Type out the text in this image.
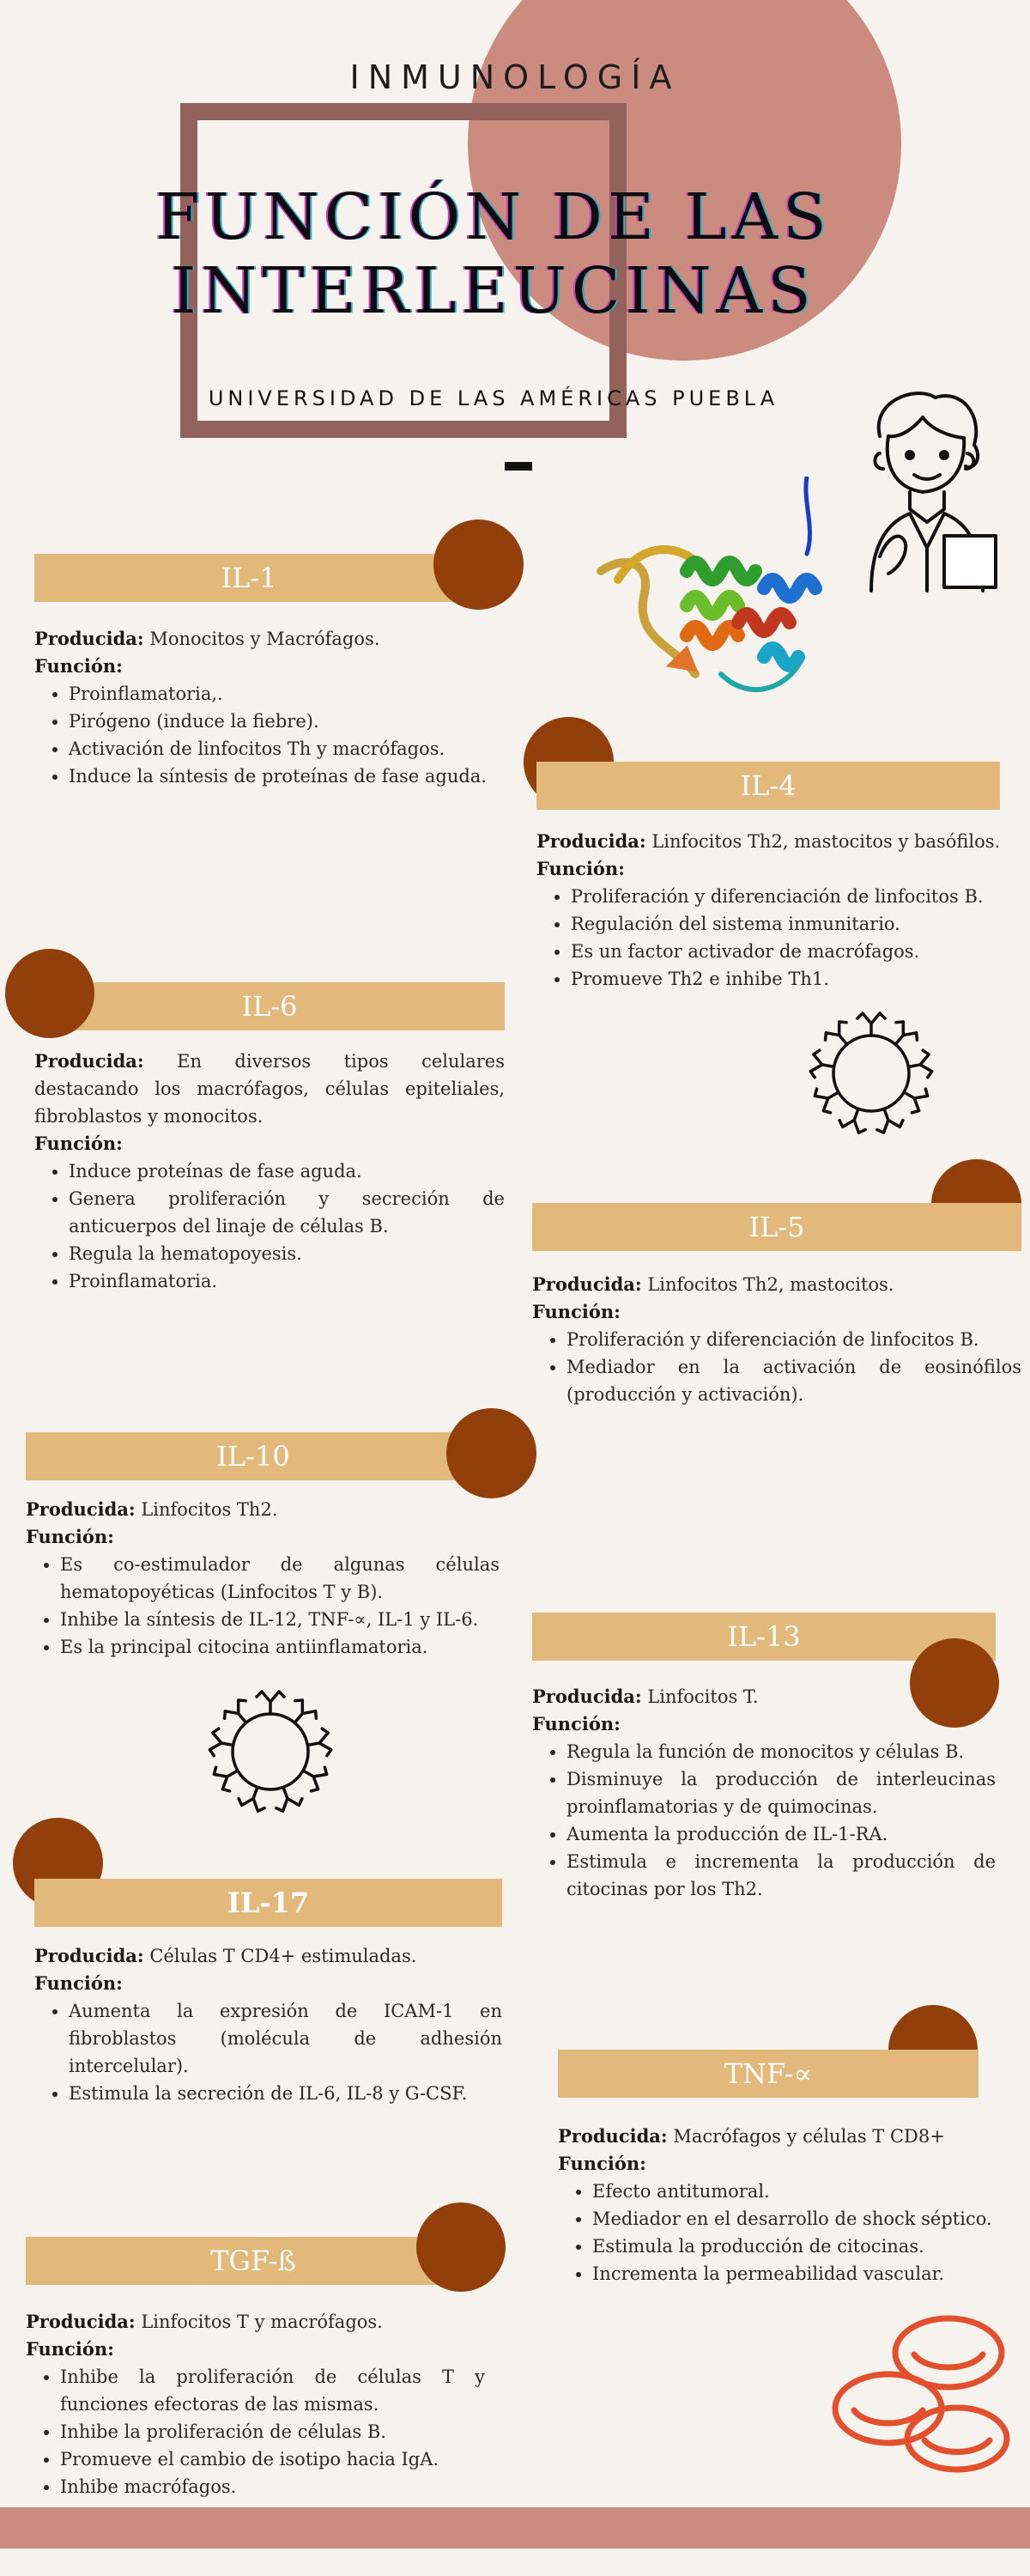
INMUNOLOGÍA
FUNCIÓN DE LAS
INTERLEUCINAS
UNIVERSIDAD DE LAS AMÉRICAS PUEBLA
IL-1

Producida: Monocitos y Macrófagos.

Función:

• Proinflamatoria,.
• Pirógeno (induce la fiebre).
• Activación de linfocitos Th y macrófagos.
• Induce la síntesis de proteínas de fase aguda.	IL-4

Producida: Linfocitos Th2, mastocitos y basófilos.

Función:

• Proliferación y diferenciación de linfocitos B.
• Regulación del sistema inmunitario.
• Es un factor activador de macrófagos.
• Promueve Th2 e inhibe Th1.
IL-6

Producida: En diversos tipos celulares destacando los macrófagos, células epiteliales, fibroblastos y monocitos.

Función:

• Induce proteínas de fase aguda.
• Genera proliferación y secreción de anticuerpos del linaje de células B.
• Regula la hematopoyesis.
• Proinflamatoria.
IL-5

Producida: Linfocitos Th2, mastocitos.

Función:

• Proliferación y diferenciación de linfocitos B.
• Mediador en la activación de eosinófilos (producción y activación).
IL-10

Producida: Linfocitos Th2.

Función:

• Es co-estimulador de algunas células hematopoyéticas (Linfocitos T y B).
• Inhibe la síntesis de IL-12, TNF-∝, IL-1 y IL-6.
• Es la principal citocina antiinflamatoria.	IL-13

Producida: Linfocitos T.

Función:

• Regula la función de monocitos y células B.
• Disminuye la producción de interleucinas proinflamatorias y de quimocinas.
• Aumenta la producción de IL-1-RA.
• Estimula e incrementa la producción de citocinas por los Th2.
IL-17

Producida: Células T CD4+ estimuladas.

Función:

• Aumenta la expresión de ICAM-1 en fibroblastos (molécula de adhesión intercelular).
• Estimula la secreción de IL-6, IL-8 y G-CSF.
TNF-∝

Producida: Macrófagos y células T CD8+

Función:

• Efecto antitumoral.
• Mediador en el desarrollo de shock séptico.
• Estimula la producción de citocinas.
• Incrementa la permeabilidad vascular.
TGF-ß

Producida: Linfocitos T y macrófagos.

Función:

• Inhibe la proliferación de células T y funciones efectoras de las mismas.
• Inhibe la proliferación de células B.
• Promueve el cambio de isotipo hacia IgA.
• Inhibe macrófagos.
